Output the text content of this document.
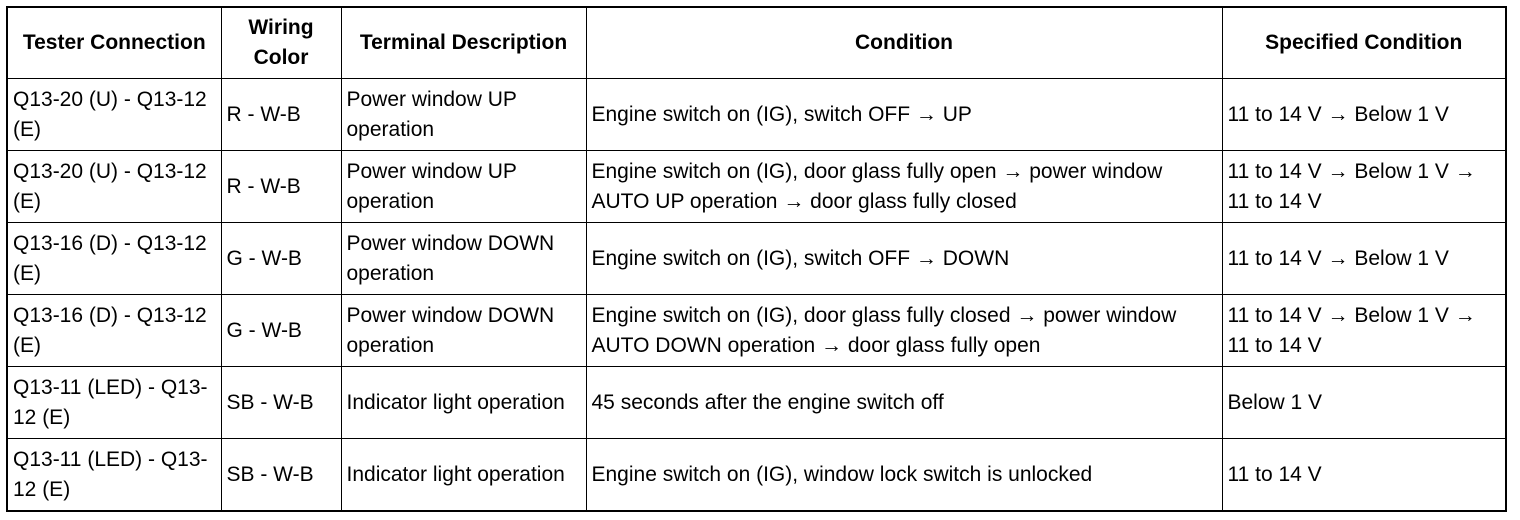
Tester Connection	Wiring Color	Terminal Description	Condition	Specified Condition
Q13-20 (U) - Q13-12 (E)	R - W-B	Power window UP operation	Engine switch on (IG), switch OFF → UP	11 to 14 V → Below 1 V
Q13-20 (U) - Q13-12 (E)	R - W-B	Power window UP operation	Engine switch on (IG), door glass fully open → power window AUTO UP operation → door glass fully closed	11 to 14 V → Below 1 V → 11 to 14 V
Q13-16 (D) - Q13-12 (E)	G - W-B	Power window DOWN operation	Engine switch on (IG), switch OFF → DOWN	11 to 14 V → Below 1 V
Q13-16 (D) - Q13-12 (E)	G - W-B	Power window DOWN operation	Engine switch on (IG), door glass fully closed → power window AUTO DOWN operation → door glass fully open	11 to 14 V → Below 1 V → 11 to 14 V
Q13-11 (LED) - Q13-12 (E)	SB - W-B	Indicator light operation	45 seconds after the engine switch off	Below 1 V
Q13-11 (LED) - Q13-12 (E)	SB - W-B	Indicator light operation	Engine switch on (IG), window lock switch is unlocked	11 to 14 V
